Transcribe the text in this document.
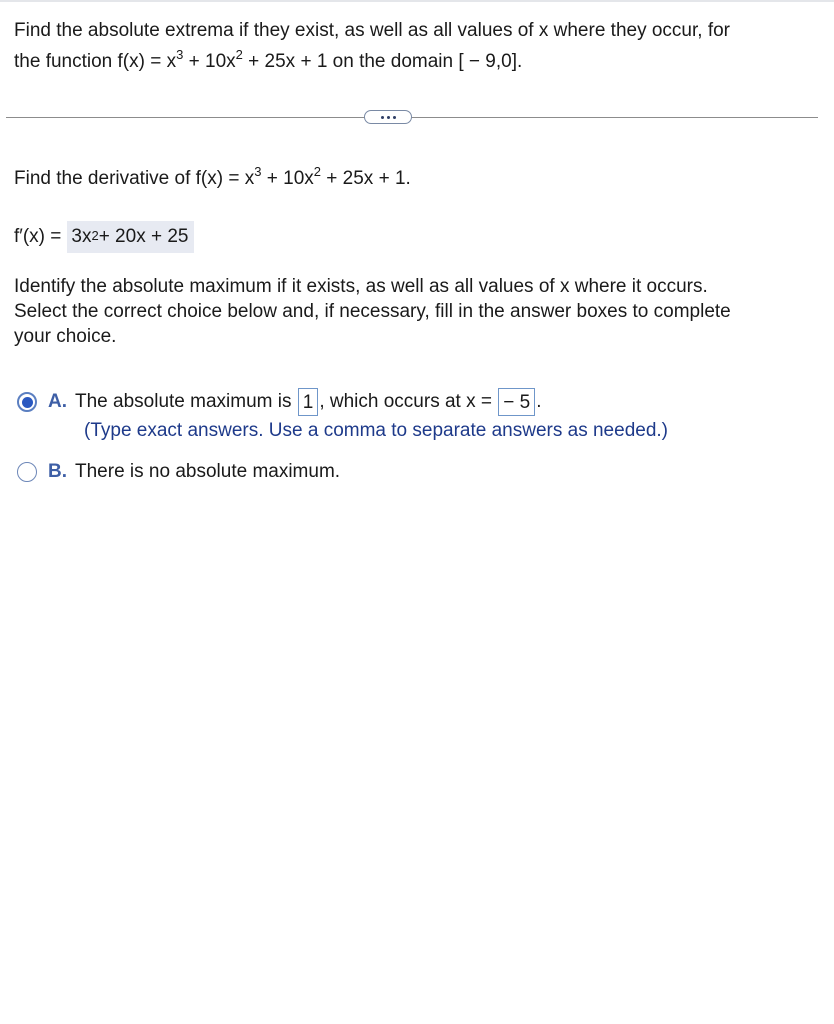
Find the absolute extrema if they exist, as well as all values of x where they occur, for
the function $f(x) = x^3 + 10x^2 + 25x + 1$ on the domain [ − 9,0].
Find the derivative of $f(x) = x^3 + 10x^2 + 25x + 1$.
$f'(x) = 3x^2 + 20x + 25$
Identify the absolute maximum if it exists, as well as all values of x where it occurs.
Select the correct choice below and, if necessary, fill in the answer boxes to complete
your choice.
A. The absolute maximum is 1 , which occurs at x = − 5 .
(Type exact answers. Use a comma to separate answers as needed.)
B. There is no absolute maximum.
